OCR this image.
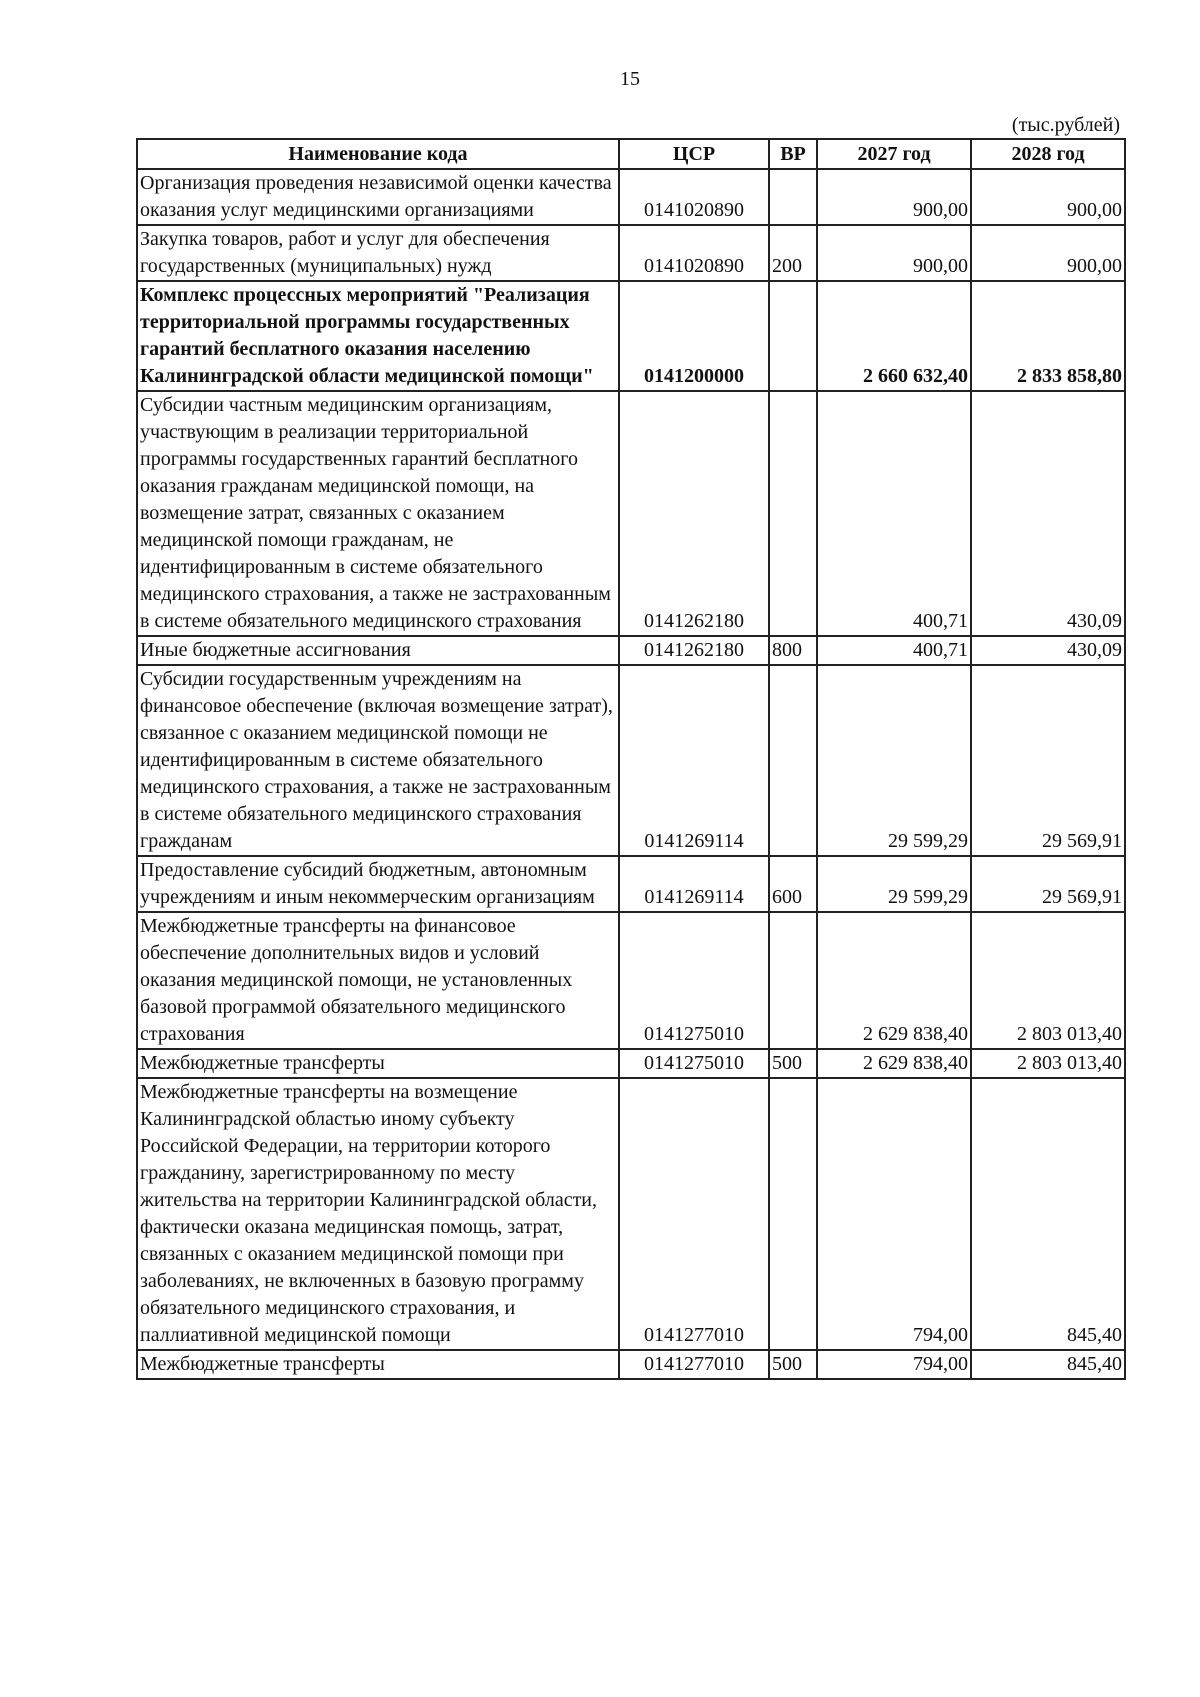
15
(тыс.рублей)
Наименование кода	ЦСР	ВР	2027 год	2028 год
Организация проведения независимой оценки качества оказания услуг медицинскими организациями	0141020890		900,00	900,00
Закупка товаров, работ и услуг для обеспечения государственных (муниципальных) нужд	0141020890	200	900,00	900,00
Комплекс процессных мероприятий "Реализация территориальной программы государственных гарантий бесплатного оказания населению Калининградской области медицинской помощи"	0141200000		2 660 632,40	2 833 858,80
Субсидии частным медицинским организациям, участвующим в реализации территориальной программы государственных гарантий бесплатного оказания гражданам медицинской помощи, на возмещение затрат, связанных с оказанием медицинской помощи гражданам, не идентифицированным в системе обязательного медицинского страхования, а также не застрахованным в системе обязательного медицинского страхования	0141262180		400,71	430,09
Иные бюджетные ассигнования	0141262180	800	400,71	430,09
Субсидии государственным учреждениям на финансовое обеспечение (включая возмещение затрат), связанное с оказанием медицинской помощи не идентифицированным в системе обязательного медицинского страхования, а также не застрахованным в системе обязательного медицинского страхования гражданам	0141269114		29 599,29	29 569,91
Предоставление субсидий бюджетным, автономным учреждениям и иным некоммерческим организациям	0141269114	600	29 599,29	29 569,91
Межбюджетные трансферты на финансовое обеспечение дополнительных видов и условий оказания медицинской помощи, не установленных базовой программой обязательного медицинского страхования	0141275010		2 629 838,40	2 803 013,40
Межбюджетные трансферты	0141275010	500	2 629 838,40	2 803 013,40
Межбюджетные трансферты на возмещение Калининградской областью иному субъекту Российской Федерации, на территории которого гражданину, зарегистрированному по месту жительства на территории Калининградской области, фактически оказана медицинская помощь, затрат, связанных с оказанием медицинской помощи при заболеваниях, не включенных в базовую программу обязательного медицинского страхования, и паллиативной медицинской помощи	0141277010		794,00	845,40
Межбюджетные трансферты	0141277010	500	794,00	845,40
